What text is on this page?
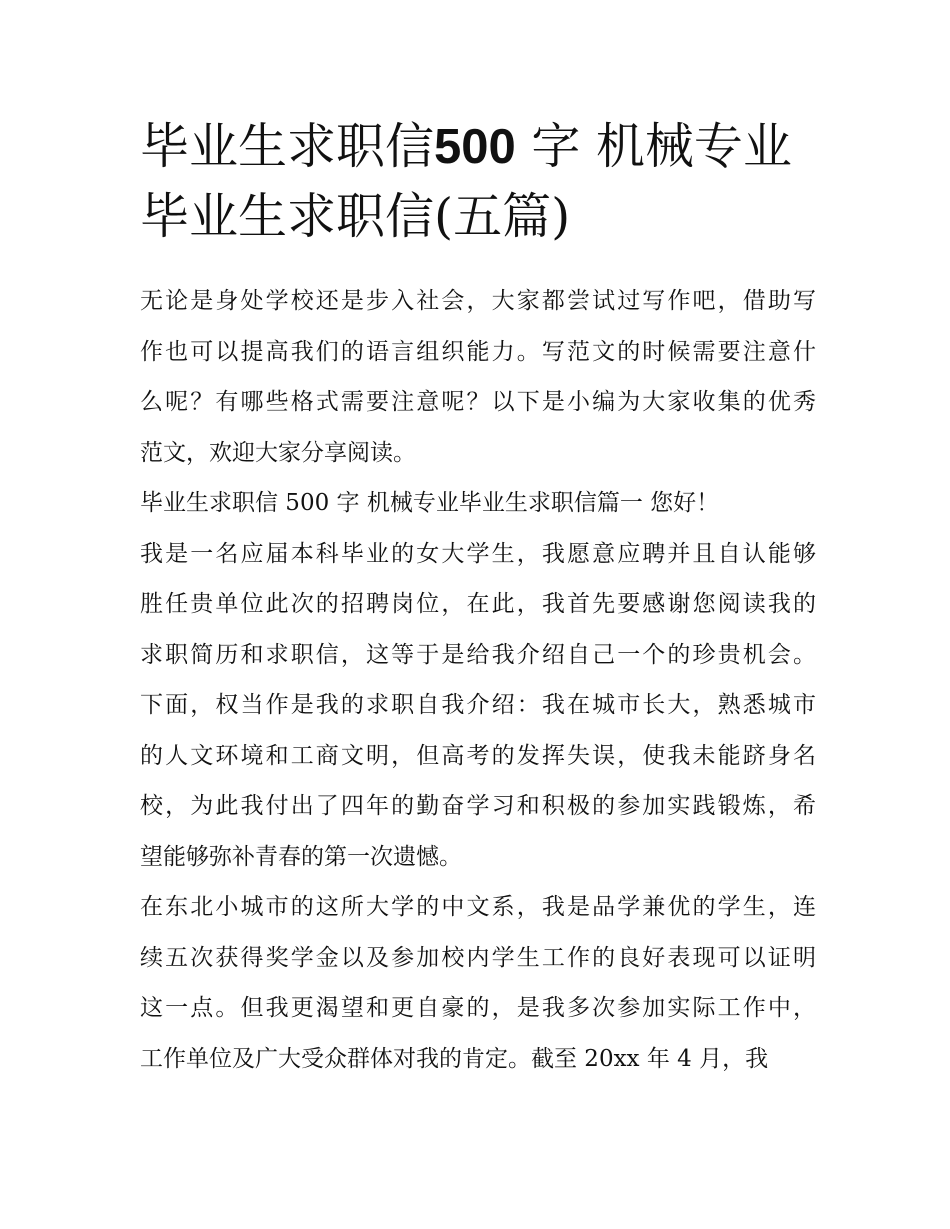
毕业生求职信500 字 机械专业
毕业生求职信(五篇)
无论是身处学校还是步入社会，大家都尝试过写作吧，借助写
作也可以提高我们的语言组织能力。写范文的时候需要注意什
么呢？有哪些格式需要注意呢？以下是小编为大家收集的优秀
范文，欢迎大家分享阅读。
毕业生求职信 500 字 机械专业毕业生求职信篇一 您好！
我是一名应届本科毕业的女大学生，我愿意应聘并且自认能够
胜任贵单位此次的招聘岗位，在此，我首先要感谢您阅读我的
求职简历和求职信，这等于是给我介绍自己一个的珍贵机会。
下面，权当作是我的求职自我介绍：我在城市长大，熟悉城市
的人文环境和工商文明，但高考的发挥失误，使我未能跻身名
校，为此我付出了四年的勤奋学习和积极的参加实践锻炼，希
望能够弥补青春的第一次遗憾。
在东北小城市的这所大学的中文系，我是品学兼优的学生，连
续五次获得奖学金以及参加校内学生工作的良好表现可以证明
这一点。但我更渴望和更自豪的，是我多次参加实际工作中，
工作单位及广大受众群体对我的肯定。截至 20xx 年 4 月，我
